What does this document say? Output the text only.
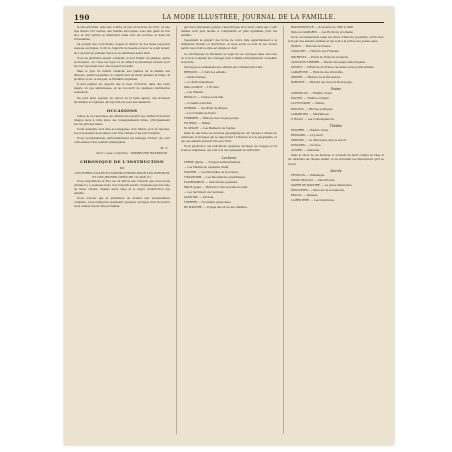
190	LA MODE ILLUSTRÉE, JOURNAL DE LA FAMILLE.

la tête arrondie, sans une courbe un peu prononcée du tronc, et une tige fleurie fort cachée, aux feuilles découpées, sous une gaîté de bon aloi, et doit parfois se dissimuler aussi sous les souches ou dans les broussailles.

La plupart des convolvulus, depuis le liseron de nos haies jusqu'aux espèces exotiques, n'ont de rapports de beauté qu'avec le soleil levant; ils s'ouvrent au premier rayon et se referment avant midi.

Tous les jardiniers savent comment on doit traiter ces plantes. Après la floraison, on coupe les tiges et on attend le printemps suivant pour les voir repousser avec une vigueur nouvelle.

Mais le plus vif intérêt s'attache aux plantes de la famille des liliacées, parmi lesquelles on compte tant de fleurs aimées; la tulipe, la jacinthe, le lis, le muguet, la fritillaire impériale.

Il faut planter les oignons dès le mois d'octobre, dans une terre légère, un peu sablonneuse, et les recouvrir de quelques centimètres seulement.

On peut ainsi espérer, au retour de la belle saison, une floraison abondante et régulière qui réjouira les yeux des amateurs.

OCCASIONS

Celles de nos abonnées qui désireront acquérir des étoffes trouveront chaque mois à cette place des renseignements utiles, principalement sur les prix des tissus.

Toute demande doit être accompagnée d'un timbre pour la réponse. Les nouveautés de la saison sont très variées et les prix modérés.

Nous recommandons particulièrement les lainages d'hiver, qui sont cette année d'une qualité remarquable.

M. T.
Pour copie conforme : EMMELINE RAYMOND.
CHRONIQUE DE L'INSTRUCTION
XII
LECTURES UTILES ET INSTRUCTIVES POUR LES ENFANTS ET LES JEUNES GENS DE 10 ANS (1).

Nous empruntons le titre de cet article aux Conseils que nous avons publiés il y a quelques mois. Ces Conseils seront complétés par une liste de livres choisis, classés selon l'âge et le degré d'instruction des enfants.

Nous n'avons pas la prétention de donner une nomenclature complète; nous indiquons seulement quelques ouvrages dont la lecture nous semble devoir être profitable.

par deux principaux genres, l'anecdotique et le récit; celles qui y sont mêlées sont plus faciles à comprendre et plus agréables pour les enfants.

Cependant la plupart des livres de notre liste appartiennent à la littérature morale ou instructive, et nous avons eu soin de les choisir parmi ceux dont le style est simple et clair.

Le chroniqueur de Monsieur au sujet de ses ouvrages dans une note ou il nous a signalé les ouvrages dont il fallait principalement conseiller la lecture.

Ouvrages recommandés aux enfants qui commencent à lire :

BERQUIN. — L'Ami des enfants.

— Petits drames.

— Le Petit Grandisson.

Mme GUIZOT. — L'Écolier.

— Les Enfants.

BOUILLY. — Contes à ma fille.

— Conseils à ma fille.

SCHMID. — Les Œufs de Pâques.

— La Corbeille de fleurs.

TRIMMER. — Histoire des rouges-gorges.

FLORIAN. — Fables.

M. SÉGUR. — Les Malheurs de Sophie.

Dans un des livres de lectures géographiques, M. Lavisse a dressé un catalogue d'ouvrages qui se rapportent à l'histoire et à la géographie, et que les enfants peuvent lire avec fruit.

Nous ajoutons à ces indications quelques ouvrages de voyages et de science vulgarisée, qui sont à la fois amusants et instructifs.

Lectures

VERNE (Jules). — Voyages extraordinaires.

— Les Enfants du capitaine Grant.

FIGUIER. — Les Merveilles de la science.

TISSANDIER. — Les Récréations scientifiques.

FLAMMARION. — Astronomie populaire.

MACÉ (Jean). — Histoire d'une bouchée de pain.

— Les Serviteurs de l'estomac.

SAINTINE. — Picciola.

TÖPFFER. — Nouvelles genevoises.

DE MAISTRE. — Voyage autour de ma chambre.

HAUSSONVILLE. — Souvenirs de 1830 à 1848.

Mme de GASPARIN. — Les Horizons prochains.

Nous recommandons aussi les livres d'histoire populaire, écrits avec soin par des auteurs estimés et qui sont à la portée des jeunes gens.

DURUY. — Histoire de France.

LAVALLÉE. — Histoire des Français.

MICHELET. — Précis de l'histoire moderne.

AUGUSTIN THIERRY. — Récits des temps mérovingiens.

GUIZOT. — L'Histoire de France racontée à mes petits-enfants.

LAMARTINE. — Histoire des Girondins.

MIGNET. — Histoire de la Révolution.

BARANTE. — Histoire des ducs de Bourgogne.

Poésie

CORNEILLE. — Théâtre choisi.

RACINE. — Théâtre complet.

LA FONTAINE. — Fables.

BOILEAU. — Œuvres poétiques.

LAMARTINE. — Méditations.

V. HUGO. — Les Contemplations.

Théâtre

MOLIÈRE. — Théâtre choisi.

REGNARD. — Le Joueur.

SEDAINE. — Le Philosophe sans le savoir.

PONSARD. — Lucrèce.

AUGIER. — Gabrielle.

Dans le choix de ces lectures, il convient de tenir compte de l'âge et du caractère de chaque enfant, et de surveiller les impressions qu'il en reçoit.

Morale

FÉNELON. — Télémaque.

SILVIO PELLICO. — Mes Prisons.

XAVIER DE MAISTRE. — La Jeune Sibérienne.

DESCARTES. — Discours de la méthode.

PASCAL. — Pensées.

LA BRUYÈRE. — Les Caractères.
